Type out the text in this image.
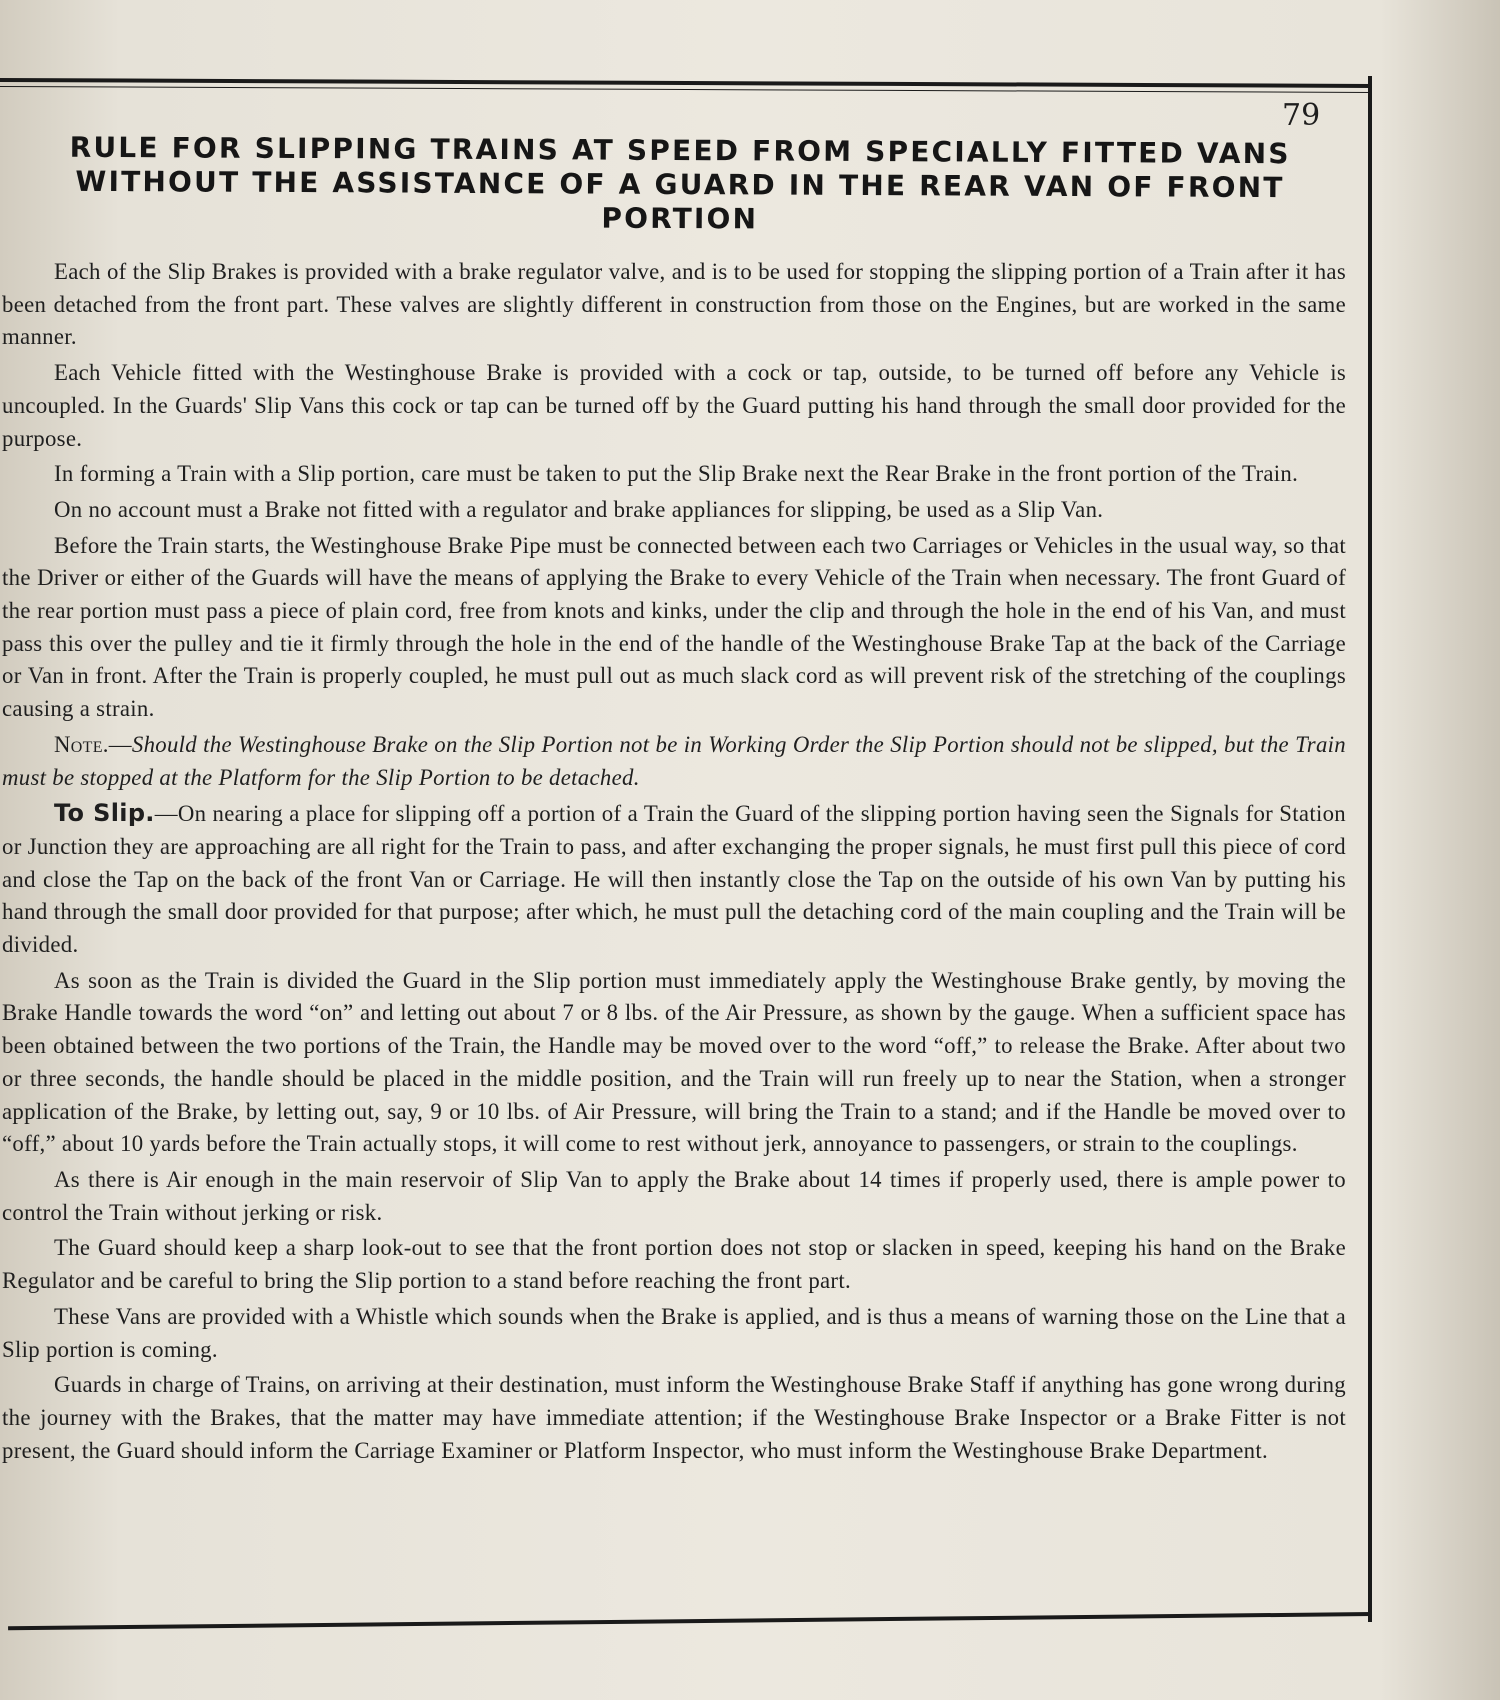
79
RULE FOR SLIPPING TRAINS AT SPEED FROM SPECIALLY FITTED VANS WITHOUT THE ASSISTANCE OF A GUARD IN THE REAR VAN OF FRONT PORTION

Each of the Slip Brakes is provided with a brake regulator valve, and is to be used for stopping the slipping portion of a Train after it has been detached from the front part. These valves are slightly different in construction from those on the Engines, but are worked in the same manner.

Each Vehicle fitted with the Westinghouse Brake is provided with a cock or tap, outside, to be turned off before any Vehicle is uncoupled. In the Guards' Slip Vans this cock or tap can be turned off by the Guard putting his hand through the small door provided for the purpose.

In forming a Train with a Slip portion, care must be taken to put the Slip Brake next the Rear Brake in the front portion of the Train.

On no account must a Brake not fitted with a regulator and brake appliances for slipping, be used as a Slip Van.

Before the Train starts, the Westinghouse Brake Pipe must be connected between each two Carriages or Vehicles in the usual way, so that the Driver or either of the Guards will have the means of applying the Brake to every Vehicle of the Train when necessary. The front Guard of the rear portion must pass a piece of plain cord, free from knots and kinks, under the clip and through the hole in the end of his Van, and must pass this over the pulley and tie it firmly through the hole in the end of the handle of the Westinghouse Brake Tap at the back of the Carriage or Van in front. After the Train is properly coupled, he must pull out as much slack cord as will prevent risk of the stretching of the couplings causing a strain.

Note.—Should the Westinghouse Brake on the Slip Portion not be in Working Order the Slip Portion should not be slipped, but the Train must be stopped at the Platform for the Slip Portion to be detached.

To Slip.—On nearing a place for slipping off a portion of a Train the Guard of the slipping portion having seen the Signals for Station or Junction they are approaching are all right for the Train to pass, and after exchanging the proper signals, he must first pull this piece of cord and close the Tap on the back of the front Van or Carriage. He will then instantly close the Tap on the outside of his own Van by putting his hand through the small door provided for that purpose; after which, he must pull the detaching cord of the main coupling and the Train will be divided.

As soon as the Train is divided the Guard in the Slip portion must immediately apply the Westinghouse Brake gently, by moving the Brake Handle towards the word “on” and letting out about 7 or 8 lbs. of the Air Pressure, as shown by the gauge. When a sufficient space has been obtained between the two portions of the Train, the Handle may be moved over to the word “off,” to release the Brake. After about two or three seconds, the handle should be placed in the middle position, and the Train will run freely up to near the Station, when a stronger application of the Brake, by letting out, say, 9 or 10 lbs. of Air Pressure, will bring the Train to a stand; and if the Handle be moved over to “off,” about 10 yards before the Train actually stops, it will come to rest without jerk, annoyance to passengers, or strain to the couplings.

As there is Air enough in the main reservoir of Slip Van to apply the Brake about 14 times if properly used, there is ample power to control the Train without jerking or risk.

The Guard should keep a sharp look-out to see that the front portion does not stop or slacken in speed, keeping his hand on the Brake Regulator and be careful to bring the Slip portion to a stand before reaching the front part.

These Vans are provided with a Whistle which sounds when the Brake is applied, and is thus a means of warning those on the Line that a Slip portion is coming.

Guards in charge of Trains, on arriving at their destination, must inform the Westinghouse Brake Staff if anything has gone wrong during the journey with the Brakes, that the matter may have immediate attention; if the Westinghouse Brake Inspector or a Brake Fitter is not present, the Guard should inform the Carriage Examiner or Platform Inspector, who must inform the Westinghouse Brake Department.
